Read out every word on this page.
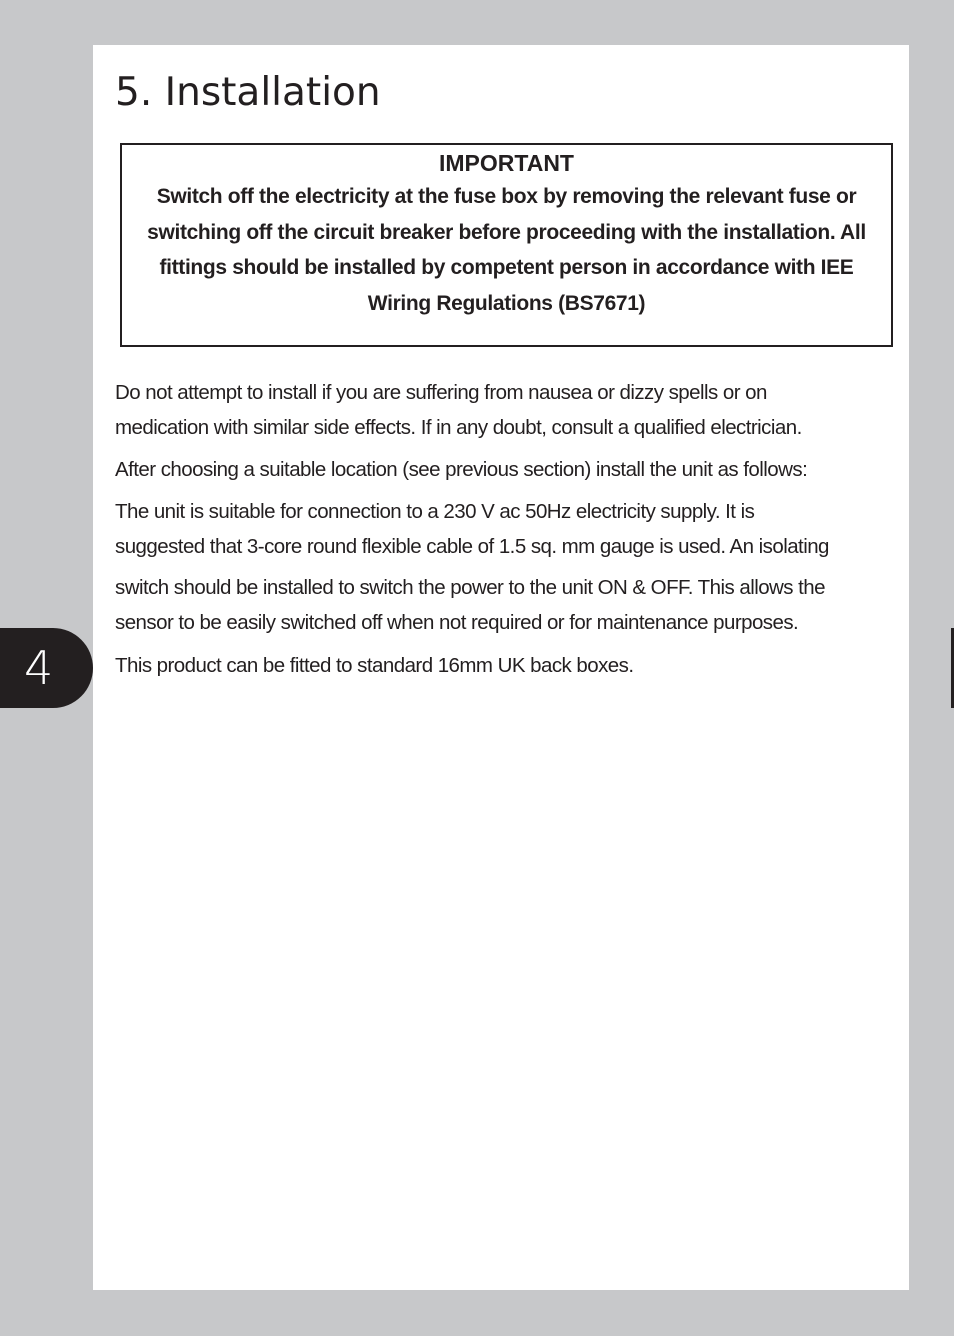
5. Installation
IMPORTANT
Switch off the electricity at the fuse box by removing the relevant fuse or switching off the circuit breaker before proceeding with the installation. All fittings should be installed by competent person in accordance with IEE Wiring Regulations (BS7671)

Do not attempt to install if you are suffering from nausea or dizzy spells or on
medication with similar side effects. If in any doubt, consult a qualified electrician.

After choosing a suitable location (see previous section) install the unit as follows:

The unit is suitable for connection to a 230 V ac 50Hz electricity supply. It is
suggested that 3-core round flexible cable of 1.5 sq. mm gauge is used. An isolating
switch should be installed to switch the power to the unit ON & OFF. This allows the
sensor to be easily switched off when not required or for maintenance purposes.

This product can be fitted to standard 16mm UK back boxes.

4
